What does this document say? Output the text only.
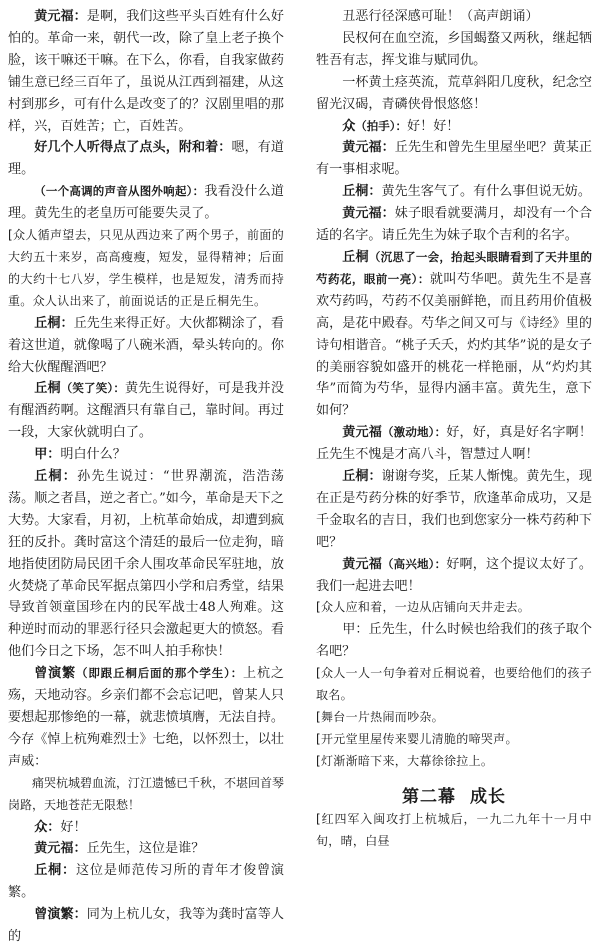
黄元福：是啊，我们这些平头百姓有什么好怕的。革命一来，朝代一改，除了皇上老子换个脸，该干嘛还干嘛。在下么，你看，自我家做药铺生意已经三百年了，虽说从江西到福建，从这村到那乡，可有什么是改变了的？汉剧里唱的那样，兴，百姓苦；亡，百姓苦。

好几个人听得点了点头，附和着：嗯，有道理。

（一个高调的声音从图外响起）：我看没什么道理。黄先生的老皇历可能要失灵了。

[众人循声望去，只见从西边来了两个男子，前面的大约五十来岁，高高瘦瘦，短发，显得精神；后面的大约十七八岁，学生模样，也是短发，清秀而持重。众人认出来了，前面说话的正是丘桐先生。

丘桐：丘先生来得正好。大伙都糊涂了，看着这世道，就像喝了八碗米酒，晕头转向的。你给大伙醒醒酒吧？

丘桐（笑了笑）：黄先生说得好，可是我并没有醒酒药啊。这醒酒只有靠自己，靠时间。再过一段，大家伙就明白了。

甲：明白什么？

丘桐：孙先生说过：“世界潮流，浩浩荡荡。顺之者昌，逆之者亡。”如今，革命是天下之大势。大家看，月初，上杭革命始成，却遭到疯狂的反扑。龚时富这个清廷的最后一位走狗，暗地指使团防局民团千余人围攻革命民军驻地，放火焚烧了革命民军据点第四小学和启秀堂，结果导致首领童国珍在内的民军战士48人殉难。这种逆时而动的罪恶行径只会激起更大的愤怒。看他们今日之下场，怎不叫人拍手称快！

曾演繁（即跟丘桐后面的那个学生）：上杭之殇，天地动容。乡亲们都不会忘记吧，曾某人只要想起那惨绝的一幕，就悲愤填膺，无法自持。今存《悼上杭殉难烈士》七绝，以怀烈士，以壮声威：

痛哭杭城碧血流，汀江遗憾已千秋，不堪回首琴岗路，天地苍茫无限愁！

众：好！

黄元福：丘先生，这位是谁？

丘桐：这位是师范传习所的青年才俊曾演繁。

曾演繁：同为上杭儿女，我等为龚时富等人的

丑恶行径深感可耻！（高声朗诵）

民权何在血空流，乡国蝎蝥又两秋，继起牺牲吾有志，挥戈谁与赋同仇。

一杯黄土痉英流，荒草斜阳几度秋，纪念空留光汉碣，青磷侠骨恨悠悠！

众（拍手）：好！好！

黄元福：丘先生和曾先生里屋坐吧？黄某正有一事相求呢。

丘桐：黄先生客气了。有什么事但说无妨。

黄元福：妹子眼看就要满月，却没有一个合适的名字。请丘先生为妹子取个吉利的名字。

丘桐（沉思了一会，抬起头眼睛看到了天井里的芍药花，眼前一亮）：就叫芍华吧。黄先生不是喜欢芍药吗，芍药不仅美丽鲜艳，而且药用价值极高，是花中殿春。芍华之间又可与《诗经》里的诗句相谐音。“桃子夭夭，灼灼其华”说的是女子的美丽容貌如盛开的桃花一样艳丽，从“灼灼其华”而简为芍华，显得内涵丰富。黄先生，意下如何？

黄元福（激动地）：好，好，真是好名字啊！丘先生不愧是才高八斗，智慧过人啊！

丘桐：谢谢夸奖，丘某人惭愧。黄先生，现在正是芍药分株的好季节，欣逢革命成功，又是千金取名的吉日，我们也到您家分一株芍药种下吧？

黄元福（高兴地）：好啊，这个提议太好了。我们一起进去吧！

[众人应和着，一边从店铺向天井走去。

甲：丘先生，什么时候也给我们的孩子取个名吧？

[众人一人一句争着对丘桐说着，也要给他们的孩子取名。

[舞台一片热闹而吵杂。

[开元堂里屋传来婴儿清脆的啼哭声。

[灯渐渐暗下来，大幕徐徐拉上。

第二幕 成长

[红四军入闽攻打上杭城后，一九二九年十一月中旬，晴，白昼
